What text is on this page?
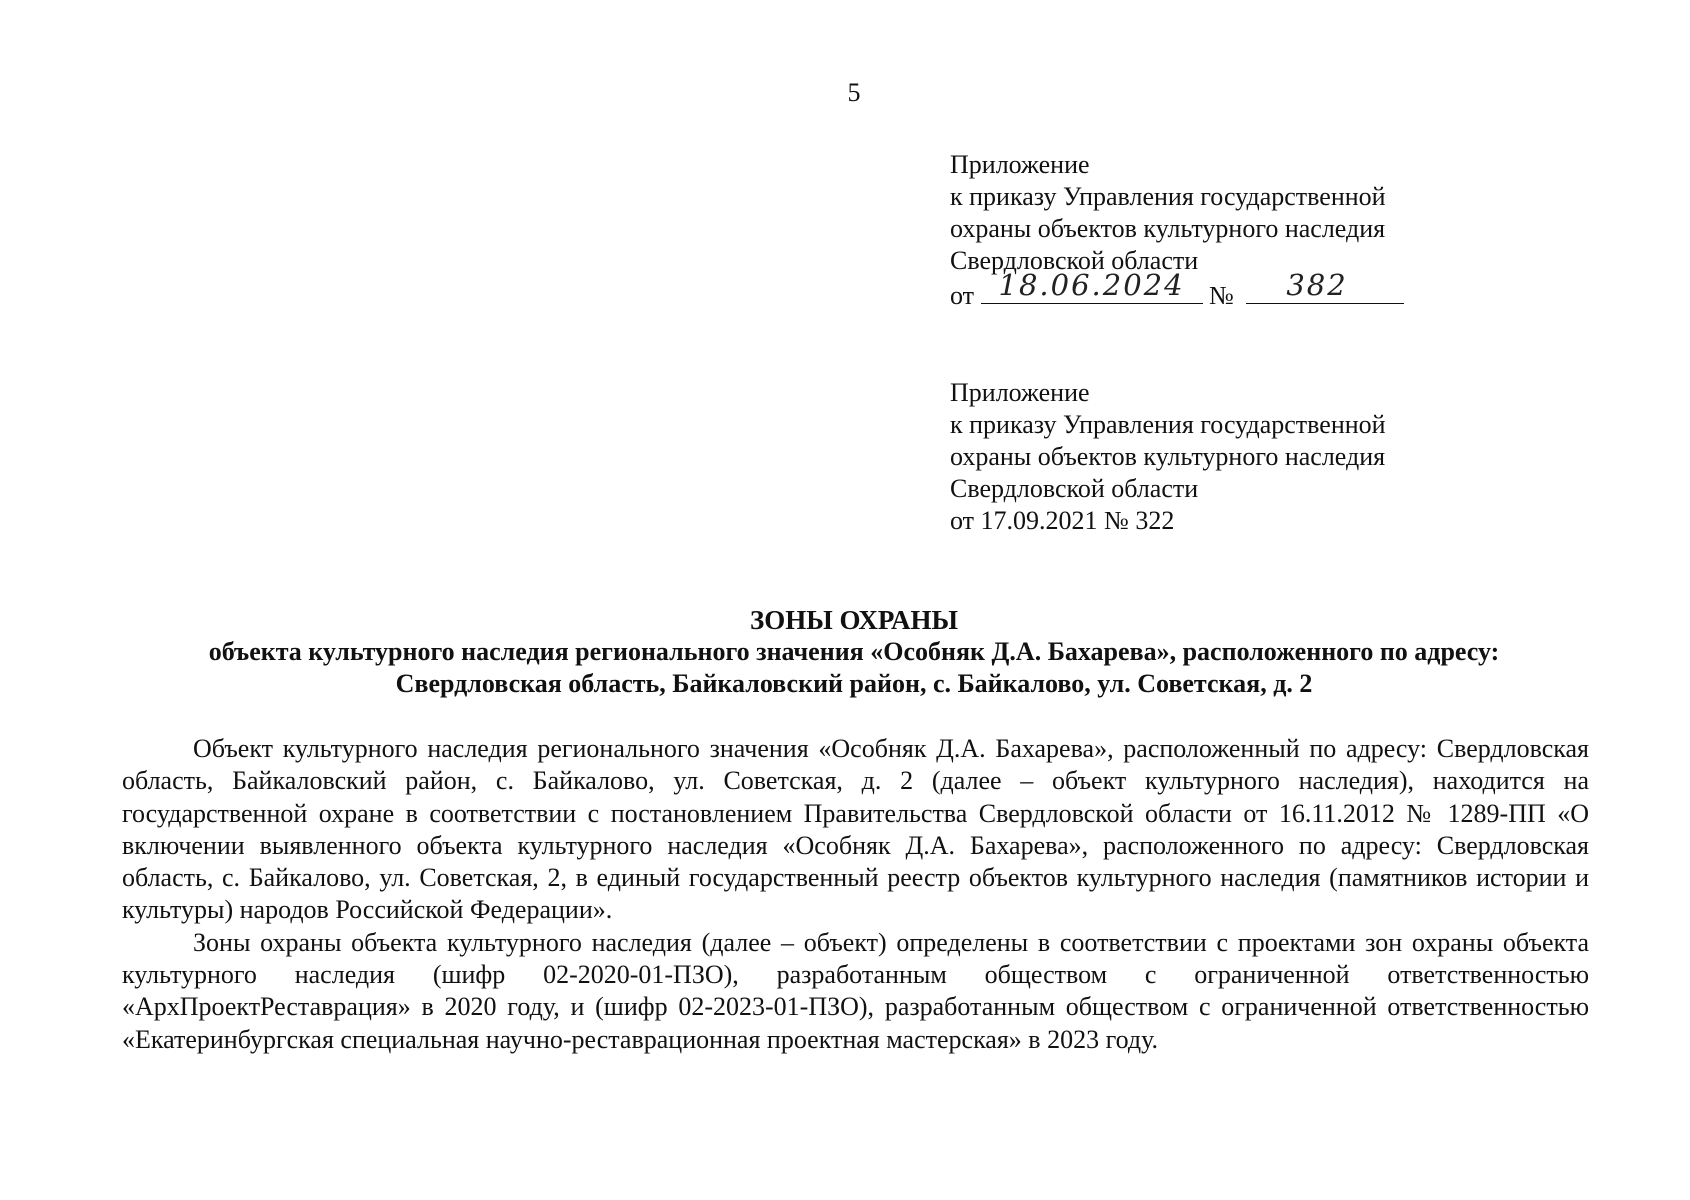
5
Приложение
к приказу Управления государственной
охраны объектов культурного наследия
Свердловской области
от 18.06.2024 № 382
Приложение
к приказу Управления государственной
охраны объектов культурного наследия
Свердловской области
от 17.09.2021 № 322
ЗОНЫ ОХРАНЫ
объекта культурного наследия регионального значения «Особняк Д.А. Бахарева», расположенного по адресу:
Свердловская область, Байкаловский район, с. Байкалово, ул. Советская, д. 2

Объект культурного наследия регионального значения «Особняк Д.А. Бахарева», расположенный по адресу: Свердловская область, Байкаловский район, с. Байкалово, ул. Советская, д. 2 (далее – объект культурного наследия), находится на государственной охране в соответствии с постановлением Правительства Свердловской области от 16.11.2012 № 1289-ПП «О включении выявленного объекта культурного наследия «Особняк Д.А. Бахарева», расположенного по адресу: Свердловская область, с. Байкалово, ул. Советская, 2, в единый государственный реестр объектов культурного наследия (памятников истории и культуры) народов Российской Федерации».

Зоны охраны объекта культурного наследия (далее – объект) определены в соответствии с проектами зон охраны объекта культурного наследия (шифр 02-2020-01-ПЗО), разработанным обществом с ограниченной ответственностью «АрхПроектРеставрация» в 2020 году, и (шифр 02-2023-01-ПЗО), разработанным обществом с ограниченной ответственностью «Екатеринбургская специальная научно-реставрационная проектная мастерская» в 2023 году.
